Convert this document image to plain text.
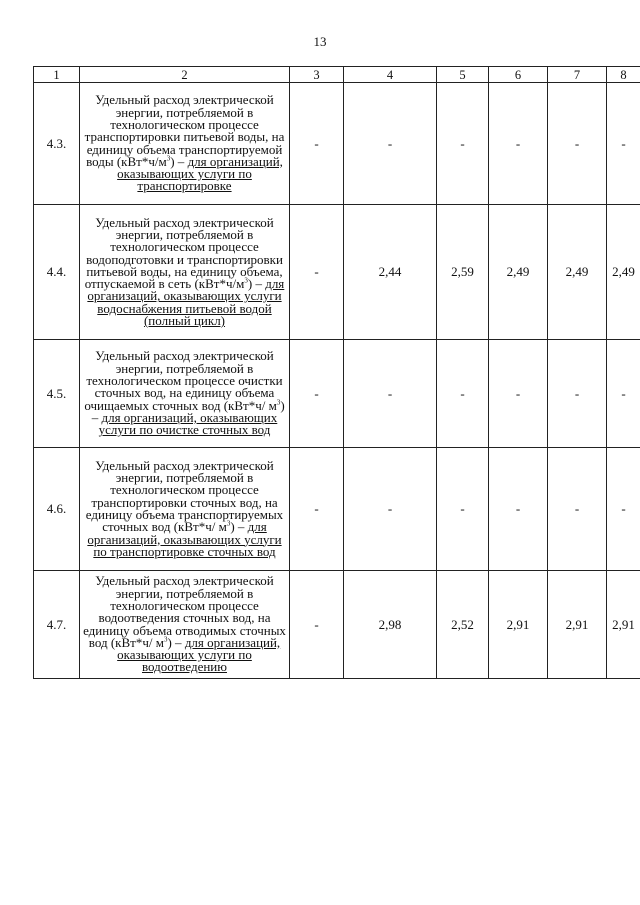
13
1	2	3	4	5	6	7	8
4.3.	Удельный расход электрической энергии, потребляемой в технологическом процессе транспортировки питьевой воды, на единицу объема транспортируемой воды $(кВт*ч/м^3)$ – для организаций, оказывающих услуги по транспортировке	-	-	-	-	-	-
4.4.	Удельный расход электрической энергии, потребляемой в технологическом процессе водоподготовки и транспортировки питьевой воды, на единицу объема, отпускаемой в сеть $(кВт*ч/м^3)$ – для организаций, оказывающих услуги водоснабжения питьевой водой (полный цикл)	-	2,44	2,59	2,49	2,49	2,49
4.5.	Удельный расход электрической энергии, потребляемой в технологическом процессе очистки сточных вод, на единицу объема очищаемых сточных вод (кВт*ч/ $м^3$) – для организаций, оказывающих услуги по очистке сточных вод	-	-	-	-	-	-
4.6.	Удельный расход электрической энергии, потребляемой в технологическом процессе транспортировки сточных вод, на единицу объема транспортируемых сточных вод (кВт*ч/ $м^3$) – для организаций, оказывающих услуги по транспортировке сточных вод	-	-	-	-	-	-
4.7.	Удельный расход электрической энергии, потребляемой в технологическом процессе водоотведения сточных вод, на единицу объема отводимых сточных вод (кВт*ч/ $м^3$) – для организаций, оказывающих услуги по водоотведению	-	2,98	2,52	2,91	2,91	2,91
